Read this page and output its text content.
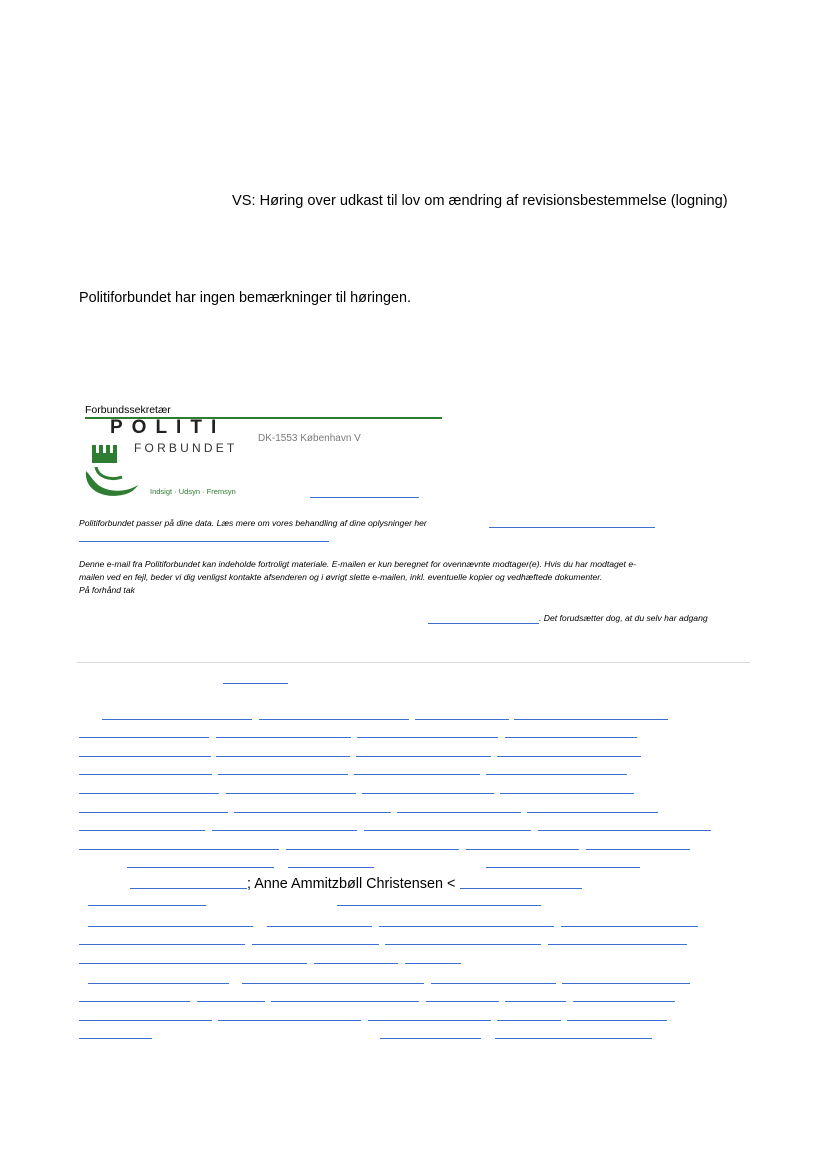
VS: Høring over udkast til lov om ændring af revisionsbestemmelse (logning)
Politiforbundet har ingen bemærkninger til høringen.
Forbundssekretær
POLITI
FORBUNDET
Indsigt · Udsyn · Fremsyn
DK-1553 København V
Politiforbundet passer på dine data. Læs mere om vores behandling af dine oplysninger her
Denne e-mail fra Politiforbundet kan indeholde fortroligt materiale. E-mailen er kun beregnet for ovennævnte modtager(e). Hvis du har modtaget e-
mailen ved en fejl, beder vi dig venligst kontakte afsenderen og i øvrigt slette e-mailen, inkl. eventuelle kopier og vedhæftede dokumenter.
På forhånd tak
. Det forudsætter dog, at du selv har adgang
; Anne Ammitzbøll Christensen <
